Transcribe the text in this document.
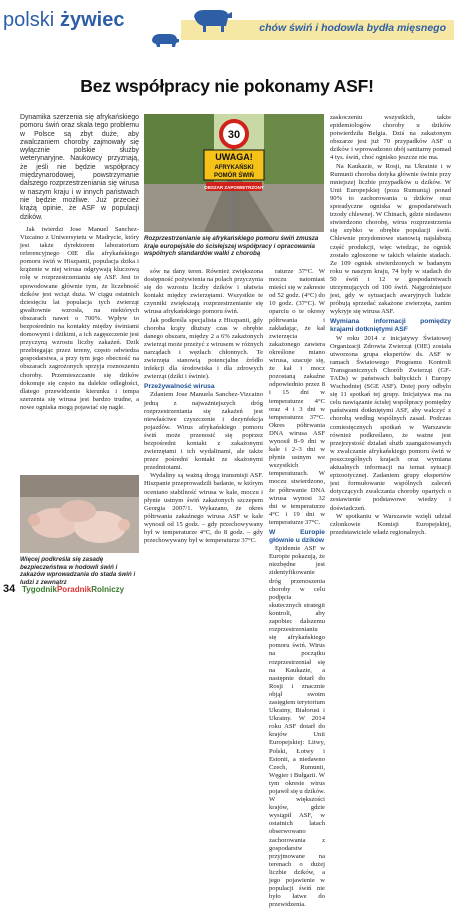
polski żywiec	chów świń i hodowla bydła mięsnego
Bez współpracy nie pokonamy ASF!

Dynamika szerzenia się afrykańskiego pomoru świń oraz skala tego problemu w Polsce są zbyt duże, aby zwalczaniem choroby zajmowały się wyłącznie polskie służby weterynaryjne. Naukowcy przyznają, że jeśli nie będzie współpracy międzynarodowej, powstrzymanie dalszego rozprzestrzeniania się wirusa w naszym kraju i w innych państwach nie będzie możliwe. Już przecież krążą opinie, że ASF w populacji dzików.

Jak twierdzi Jose Manuel Sanchez-Vizcaino z Uniwersytetu w Madrycie, który jest także dyrektorem laboratorium referencyjnego OIE dla afrykańskiego pomoru świń w Hiszpanii, populacja dzika i krążenie w niej wirusa odgrywają kluczową rolę w rozprzestrzenianiu się ASF. Jest to spowodowane głównie tym, że liczebność dzików jest wciąż duża. W ciągu ostatnich dziesięciu lat populacja tych zwierząt gwałtownie wzrosła, na niektórych obszarach nawet o 700%. Wpływ to bezpośrednio na kontakty między świniami domowymi i dzikimi, a ich zagęszczenie jest przyczyną wzrostu liczby zakażeń. Dzik przebiegając przez tereny, często odwiedza gospodarstwa, a przy tym jego obecność na obszarach zagrożonych sprzyja roznoszeniu choroby. Przemieszczanie się dzików dokonuje się często na dalekie odległości, dlatego przewidzenie kierunku i tempa szerzenia się wirusa jest bardzo trudne, a nowe ogniska mogą pojawiać się nagle.

30
UWAGA!
AFRYKAŃSKI
POMÓR ŚWIŃ
OBSZAR ZAPOWIETRZONY
Rozprzestrzenianie się afrykańskiego pomoru świń zmusza kraje europejskie do ścisłejszej współpracy i opracowania wspólnych standardów walki z chorobą

sów na dany teren. Również zwiększona dostępność pożywienia na polach przyczynia się do wzrostu liczby dzików i ułatwia kontakt między zwierzętami. Wszystkie te czynniki zwiększają rozprzestrzenianie się wirusa afrykańskiego pomoru świń.

Jak podkreśla specjalista z Hiszpanii, gdy choroba krąży dłuższy czas w obrębie danego obszaru, między 2 a 6% zakażonych zwierząt może przeżyć z wirusem w różnych narządach i węzłach chłonnych. Te zwierzęta stanowią potencjalne źródło infekcji dla środowiska i dla zdrowych zwierząt (dziki i świnie).

Przeżywalność wirusa

Zdaniem Jose Manuela Sanchez-Vizcaino jedną z najważniejszych dróg rozprzestrzeniania się zakażeń jest niewłaściwe czyszczenie i dezynfekcja pojazdów. Wirus afrykańskiego pomoru świń może przenosić się poprzez bezpośredni kontakt z zakażonymi zwierzętami i ich wydalinami, ale także przez pośredni kontakt ze skażonymi przedmiotami.

Wydaliny są ważną drogą transmisji ASF. Hiszpanie przeprowadzili badanie, w którym oceniano stabilność wirusa w kale, moczu i płynie ustnym świń zakażonych szczepem Georgia 2007/1. Wykazano, że okres półtrwania zakaźnego wirusa ASF w kale wynosił od 15 godz. – gdy przechowywany był w temperaturze 4°C, do 8 godz. – gdy przechowywany był w temperaturze 37°C.

raturze 37°C. W moczu natomiast mieści się w zakresie od 52 godz. (4°C) do 10 godz. (37°C). W oparciu o te okresy półtrwania i zakładając, że kał zwierzęcia zakażonego zawiera określone miano wirusa, szacuje się, że kał i mocz pozostaną zakaźne odpowiednio przez 8 i 15 dni w temperaturze 4°C oraz 4 i 3 dni w temperaturze 37°C. Okres półtrwania DNA wirusa ASF wynosił 8–9 dni w kale i 2–3 dni w płynie ustnym we wszystkich temperaturach. W moczu stwierdzono, że półtrwanie DNA wirusa wynosi 32 dni w temperaturze 4°C i 19 dni w temperaturze 37°C.

W Europie głównie u dzików

Epidemie ASF w Europie pokazują, że niezbędne jest zidentyfikowanie dróg przenoszenia choroby w celu podjęcia skutecznych strategii kontroli, aby zapobiec dalszemu rozprzestrzenianiu się afrykańskiego pomoru świń. Wirus na początku rozprzestrzeniał się na Kaukazie, a następnie dotarł do Rosji i znacznie objął swoim zasięgiem terytorium Ukrainy, Białorusi i Ukrainy. W 2014 roku ASF dotarł do krajów Unii Europejskiej: Litwy, Polski, Łotwy i Estonii, a niedawno Czech, Rumunii, Węgier i Bułgarii. W tym okresie wirus pojawił się u dzików. W większości krajów, gdzie wystąpił ASF, w ostatnich latach obserwowano zachorowania z gospodarstw przyjmowane na terenach o dużej liczbie dzików, a jego pojawienie w populacji świń nie było łatwe do przewidzenia.

zaskoczeniu wszystkich, także epidemiologów choroby u dzików potwierdziła Belgia. Dziś na zakażonym obszarze jest już 70 przypadków ASF u dzików i wprowadzono ubój sanitarny pomad 4 tys. świń, choć ognisko jeszcze nie ma.

Na Kaukazie, w Rosji, na Ukrainie i w Rumunii choroba dotyka głównie świnie przy mniejszej liczbie przypadków u dzików. W Unii Europejskiej (poza Rumunią) ponad 90% to zachorowania u dzików oraz sporadyczne ogniska w gospodarstwach trzody chlewnej. W Chinach, gdzie niedawno stwierdzono chorobę, wirus rozprzestrzenia się szybko w obrębie populacji świń. Chlewnie przydomowe stanowią najsłabszą część produkcji, więc wiedząc, że ognisk zostało zgłoszone w takich właśnie stadach. Ze 109 ognisk stwierdzonych w badanym roku w naszym kraju, 74 były w stadach do 50 świń i 12 w gospodarstwach utrzymujących od 100 świń. Najgroźniejsze jest, gdy w sytuacjach awaryjnych ludzie próbują sprzedać zakażone zwierzęta, zanim wykryje się wirusa ASF.

Wymiana informacji pomiędzy krajami dotkniętymi ASF

W roku 2014 z inicjatywy Światowej Organizacji Zdrowia Zwierząt (OIE) została utworzona grupa ekspertów ds. ASF w ramach Światowego Programu Kontroli Transgranicznych Chorób Zwierząt (GF-TADs) w państwach bałtyckich i Europy Wschodniej (SGE ASF). Dotej pory odbyło się 11 spotkań tej grupy. Inicjatywa ma na celu nawiązanie ścisłej współpracy pomiędzy państwami dotkniętymi ASF, aby walczyć z chorobą według wspólnych zasad. Podczas comiesięcznych spotkań w Warszawie również podkreślano, że ważne jest przejrzystość działań służb zaangażowanych w zwalczanie afrykańskiego pomoru świń w poszczególnych krajach oraz wymiana aktualnych informacji na temat sytuacji epizootycznej. Zadaniem grupy ekspertów jest formułowanie wspólnych zaleceń dotyczących zwalczania choroby opartych o zestawienie podstawowe wiedzy i doświadczeń.

W spotkaniu w Warszawie wzięli udział członkowie Komisji Europejskiej, przedstawiciele władz regionalnych.

Więcej podkreśla się zasadę bezpieczeństwa w hodowli świń i zakazów wprowadzania do stada świń i ludzi z zewnątrz
34 TygodnikPoradnikRolniczy
